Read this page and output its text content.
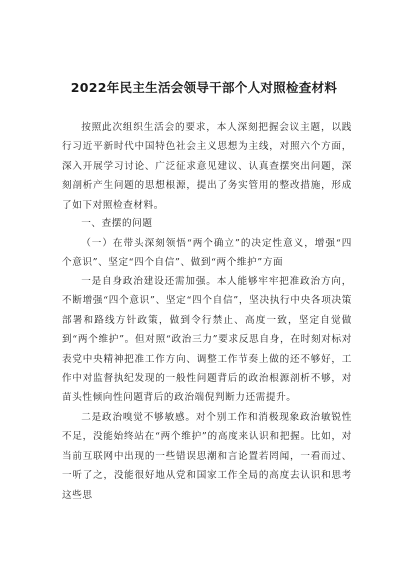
2022年民主生活会领导干部个人对照检查材料

按照此次组织生活会的要求，本人深刻把握会议主题，以践行习近平新时代中国特色社会主义思想为主线，对照六个方面，深入开展学习讨论、广泛征求意见建议、认真查摆突出问题，深刻剖析产生问题的思想根源，提出了务实管用的整改措施，形成了如下对照检查材料。

一、查摆的问题

（一）在带头深刻领悟“两个确立”的决定性意义，增强“四个意识”、坚定“四个自信”、做到“两个维护”方面

一是自身政治建设还需加强。本人能够牢牢把准政治方向，不断增强“四个意识”、坚定“四个自信”，坚决执行中央各项决策部署和路线方针政策，做到令行禁止、高度一致，坚定自觉做到“两个维护”。但对照“政治三力”要求反思自身，在时刻对标对表党中央精神把准工作方向、调整工作节奏上做的还不够好，工作中对监督执纪发现的一般性问题背后的政治根源剖析不够，对苗头性倾向性问题背后的政治端倪判断力还需提升。

二是政治嗅觉不够敏感。对个别工作和消极现象政治敏锐性不足，没能始终站在“两个维护”的高度来认识和把握。比如，对当前互联网中出现的一些错误思潮和言论置若罔闻，一看而过、一听了之，没能很好地从党和国家工作全局的高度去认识和思考这些思
